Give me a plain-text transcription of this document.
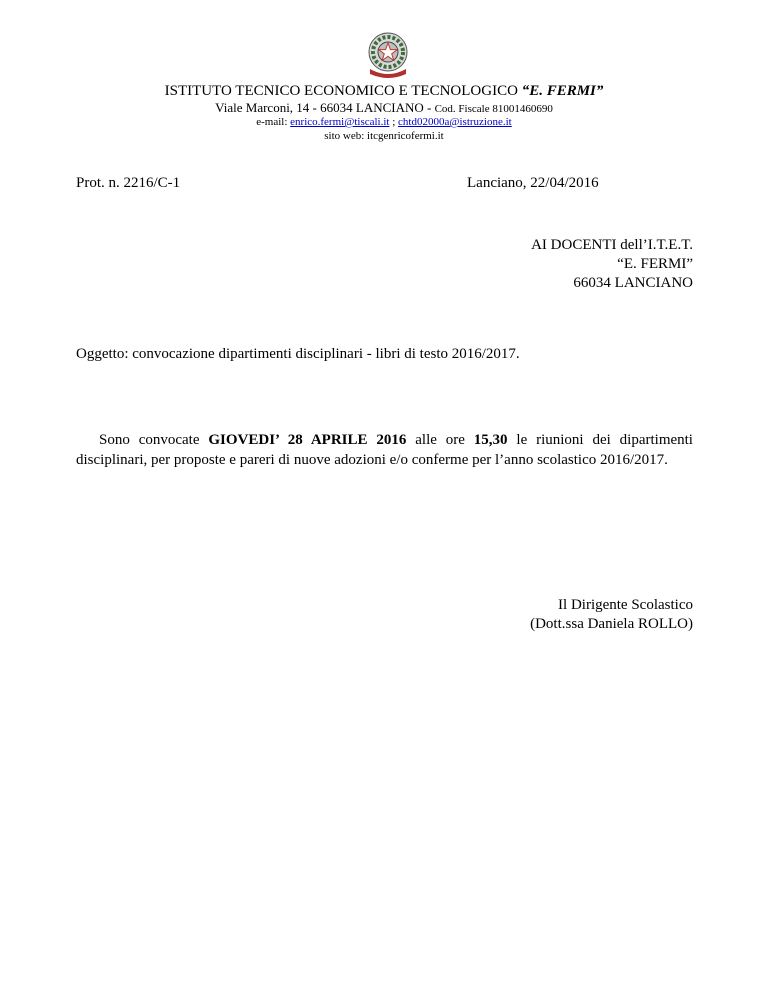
ISTITUTO TECNICO ECONOMICO E TECNOLOGICO “E. FERMI”
Viale Marconi, 14 - 66034 LANCIANO - Cod. Fiscale 81001460690
e-mail: enrico.fermi@tiscali.it ; chtd02000a@istruzione.it
sito web: itcgenricofermi.it
Prot. n. 2216/C-1	Lanciano, 22/04/2016
AI DOCENTI dell’I.T.E.T.
“E. FERMI”
66034 LANCIANO
Oggetto: convocazione dipartimenti disciplinari - libri di testo 2016/2017.
Sono convocate GIOVEDI’ 28 APRILE 2016 alle ore 15,30 le riunioni dei dipartimenti
disciplinari, per proposte e pareri di nuove adozioni e/o conferme per l’anno scolastico 2016/2017.
Il Dirigente Scolastico
(Dott.ssa Daniela ROLLO)
